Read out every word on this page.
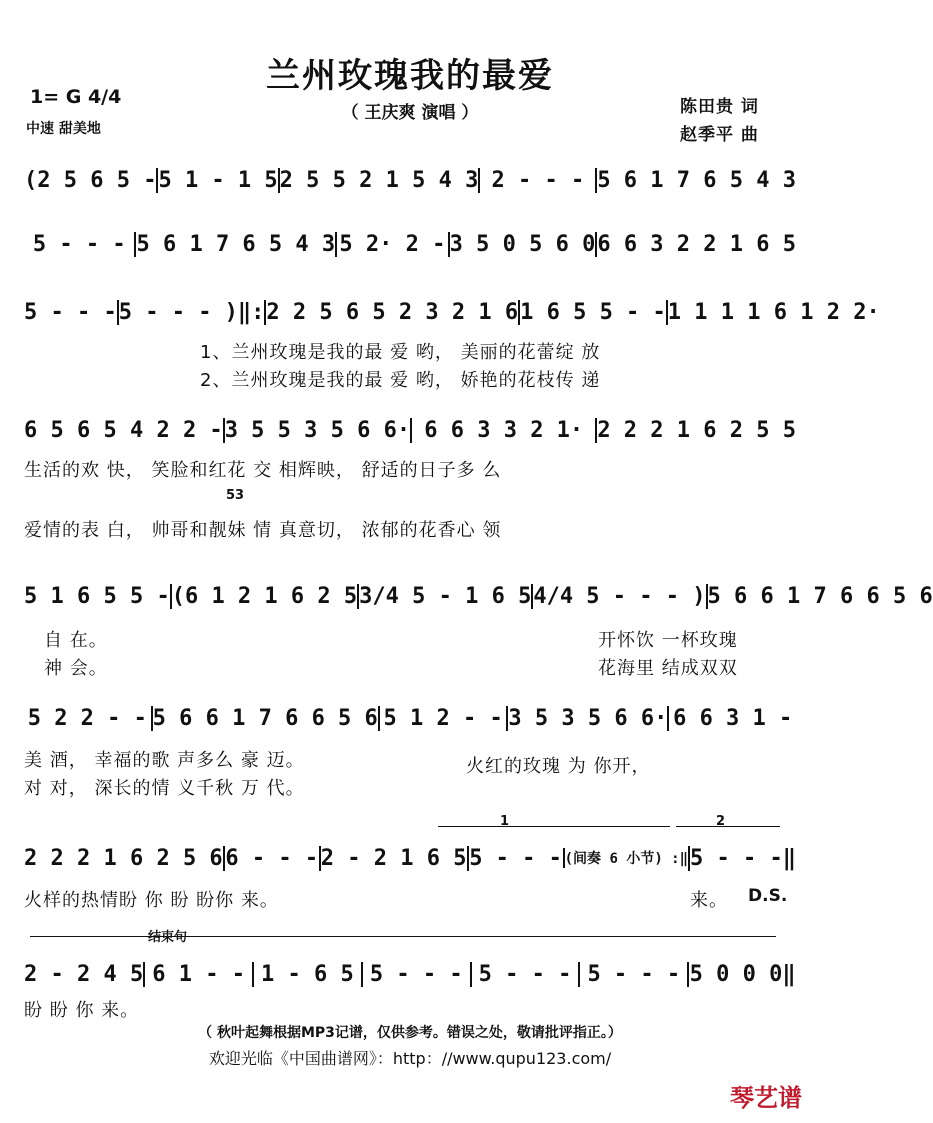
兰州玫瑰我的最爱
（ 王庆爽 演唱 ）
1= G 4/4
中速 甜美地
陈田贵 词
赵季平 曲
(2 5 6 5 - 5 1 - 1 5 2 5 5 2 1 5 4 3 2 - - - 5 6 1 7 6 5 4 3
5 - - - 5 6 1 7 6 5 4 3 5 2· 2 - 3 5 0 5 6 0 6 6 3 2 2 1 6 5
5 - - - 5 - - - )‖: 2 2 5 6 5 2 3 2 1 6 1 6 5 5 - - 1 1 1 1 6 1 2 2·
1、兰州玫瑰是我的最 爱 哟， 美丽的花蕾绽 放
2、兰州玫瑰是我的最 爱 哟， 娇艳的花枝传 递
6 5 6 5 4 2 2 - 3 5 5 3 5 6 6· 6 6 3 3 2 1· 2 2 2 1 6 2 5 5
生活的欢 快， 笑脸和红花 交 相辉映， 舒适的日子多 么
53
爱情的表 白， 帅哥和靓妹 情 真意切， 浓郁的花香心 领
5 1 6 5 5 - (6 1 2 1 6 2 5 3/4 5 - 1 6 5 4/4 5 - - - ) 5 6 6 1 7 6 6 5 6
自 在。
神 会。
开怀饮 一杯玫瑰
花海里 结成双双
5 2 2 - - 5 6 6 1 7 6 6 5 6 5 1 2 - - 3 5 3 5 6 6· 6 6 3 1 -
美 酒， 幸福的歌 声多么 豪 迈。
对 对， 深长的情 义千秋 万 代。
火红的玫瑰 为 你开，
1	2
2 2 2 1 6 2 5 6 6 - - - 2 - 2 1 6 5 5 - - - (间奏 6 小节) :‖ 5 - - -‖
火样的热情盼 你 盼 盼你 来。	来。 D.S.
结束句
2 - 2 4 5 6 1 - - 1 - 6 5 5 - - - 5 - - - 5 - - - 5 0 0 0‖
盼 盼 你 来。
（ 秋叶起舞根据MP3记谱，仅供参考。错误之处，敬请批评指正。）
欢迎光临《中国曲谱网》：http：//www.qupu123.com/
琴艺谱
